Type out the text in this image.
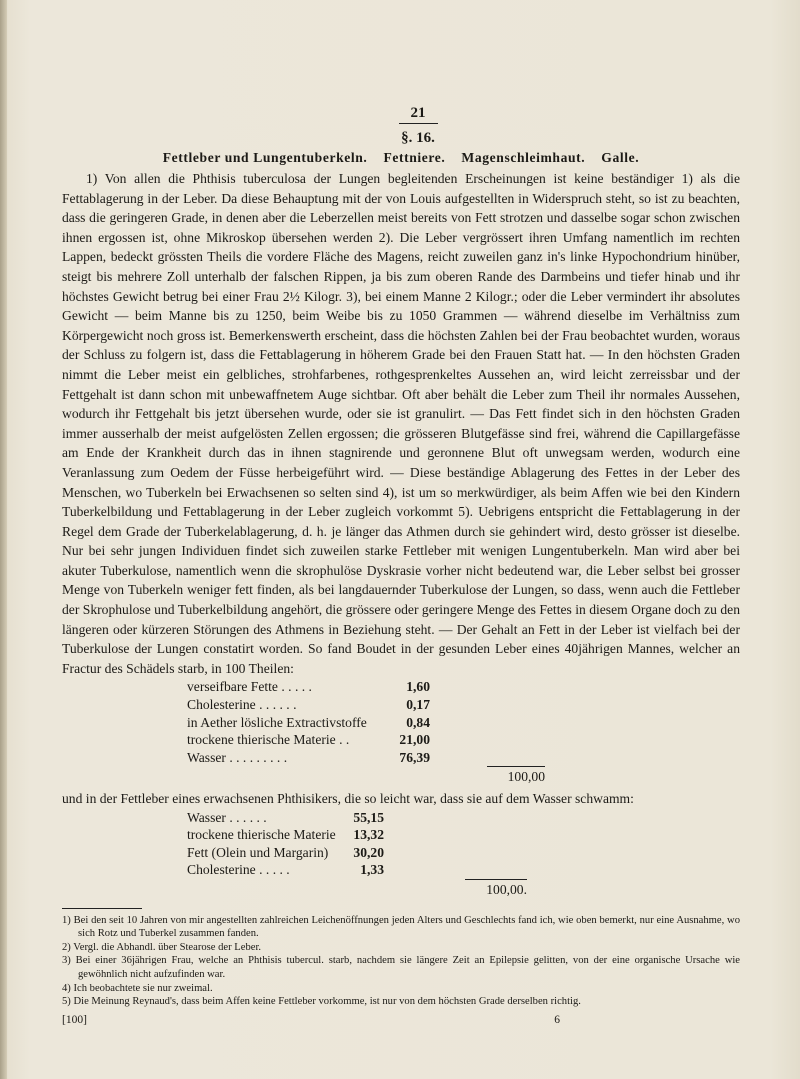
21
§. 16.
Fettleber und Lungentuberkeln. Fettniere. Magenschleimhaut. Galle.

1) Von allen die Phthisis tuberculosa der Lungen begleitenden Erscheinungen ist keine beständiger 1) als die Fettablagerung in der Leber. Da diese Behauptung mit der von Louis aufgestellten in Widerspruch steht, so ist zu beachten, dass die geringeren Grade, in denen aber die Leberzellen meist bereits von Fett strotzen und dasselbe sogar schon zwischen ihnen ergossen ist, ohne Mikroskop übersehen werden 2). Die Leber vergrössert ihren Umfang namentlich im rechten Lappen, bedeckt grössten Theils die vordere Fläche des Magens, reicht zuweilen ganz in's linke Hypochondrium hinüber, steigt bis mehrere Zoll unterhalb der falschen Rippen, ja bis zum oberen Rande des Darmbeins und tiefer hinab und ihr höchstes Gewicht betrug bei einer Frau 2½ Kilogr. 3), bei einem Manne 2 Kilogr.; oder die Leber vermindert ihr absolutes Gewicht — beim Manne bis zu 1250, beim Weibe bis zu 1050 Grammen — während dieselbe im Verhältniss zum Körpergewicht noch gross ist. Bemerkenswerth erscheint, dass die höchsten Zahlen bei der Frau beobachtet wurden, woraus der Schluss zu folgern ist, dass die Fettablagerung in höherem Grade bei den Frauen Statt hat. — In den höchsten Graden nimmt die Leber meist ein gelbliches, strohfarbenes, rothgesprenkeltes Aussehen an, wird leicht zerreissbar und der Fettgehalt ist dann schon mit unbewaffnetem Auge sichtbar. Oft aber behält die Leber zum Theil ihr normales Aussehen, wodurch ihr Fettgehalt bis jetzt übersehen wurde, oder sie ist granulirt. — Das Fett findet sich in den höchsten Graden immer ausserhalb der meist aufgelösten Zellen ergossen; die grösseren Blutgefässe sind frei, während die Capillargefässe am Ende der Krankheit durch das in ihnen stagnirende und geronnene Blut oft unwegsam werden, wodurch eine Veranlassung zum Oedem der Füsse herbeigeführt wird. — Diese beständige Ablagerung des Fettes in der Leber des Menschen, wo Tuberkeln bei Erwachsenen so selten sind 4), ist um so merkwürdiger, als beim Affen wie bei den Kindern Tuberkelbildung und Fettablagerung in der Leber zugleich vorkommt 5). Uebrigens entspricht die Fettablagerung in der Regel dem Grade der Tuberkelablagerung, d. h. je länger das Athmen durch sie gehindert wird, desto grösser ist dieselbe. Nur bei sehr jungen Individuen findet sich zuweilen starke Fettleber mit wenigen Lungentuberkeln. Man wird aber bei akuter Tuberkulose, namentlich wenn die skrophulöse Dyskrasie vorher nicht bedeutend war, die Leber selbst bei grosser Menge von Tuberkeln weniger fett finden, als bei langdauernder Tuberkulose der Lungen, so dass, wenn auch die Fettleber der Skrophulose und Tuberkelbildung angehört, die grössere oder geringere Menge des Fettes in diesem Organe doch zu den längeren oder kürzeren Störungen des Athmens in Beziehung steht. — Der Gehalt an Fett in der Leber ist vielfach bei der Tuberkulose der Lungen constatirt worden. So fand Boudet in der gesunden Leber eines 40jährigen Mannes, welcher an Fractur des Schädels starb, in 100 Theilen:

verseifbare Fette . . . . .	1,60
Cholesterine . . . . . .	0,17
in Aether lösliche Extractivstoffe	0,84
trockene thierische Materie . .	21,00
Wasser . . . . . . . . .	76,39
100,00

und in der Fettleber eines erwachsenen Phthisikers, die so leicht war, dass sie auf dem Wasser schwamm:

Wasser . . . . . .	55,15
trockene thierische Materie	13,32
Fett (Olein und Margarin)	30,20
Cholesterine . . . . .	1,33
100,00.
1) Bei den seit 10 Jahren von mir angestellten zahlreichen Leichenöffnungen jeden Alters und Geschlechts fand ich, wie oben bemerkt, nur eine Ausnahme, wo sich Rotz und Tuberkel zusammen fanden.
2) Vergl. die Abhandl. über Stearose der Leber.
3) Bei einer 36jährigen Frau, welche an Phthisis tubercul. starb, nachdem sie längere Zeit an Epilepsie gelitten, von der eine organische Ursache wie gewöhnlich nicht aufzufinden war.
4) Ich beobachtete sie nur zweimal.
5) Die Meinung Reynaud's, dass beim Affen keine Fettleber vorkomme, ist nur von dem höchsten Grade derselben richtig.
[100]	6
